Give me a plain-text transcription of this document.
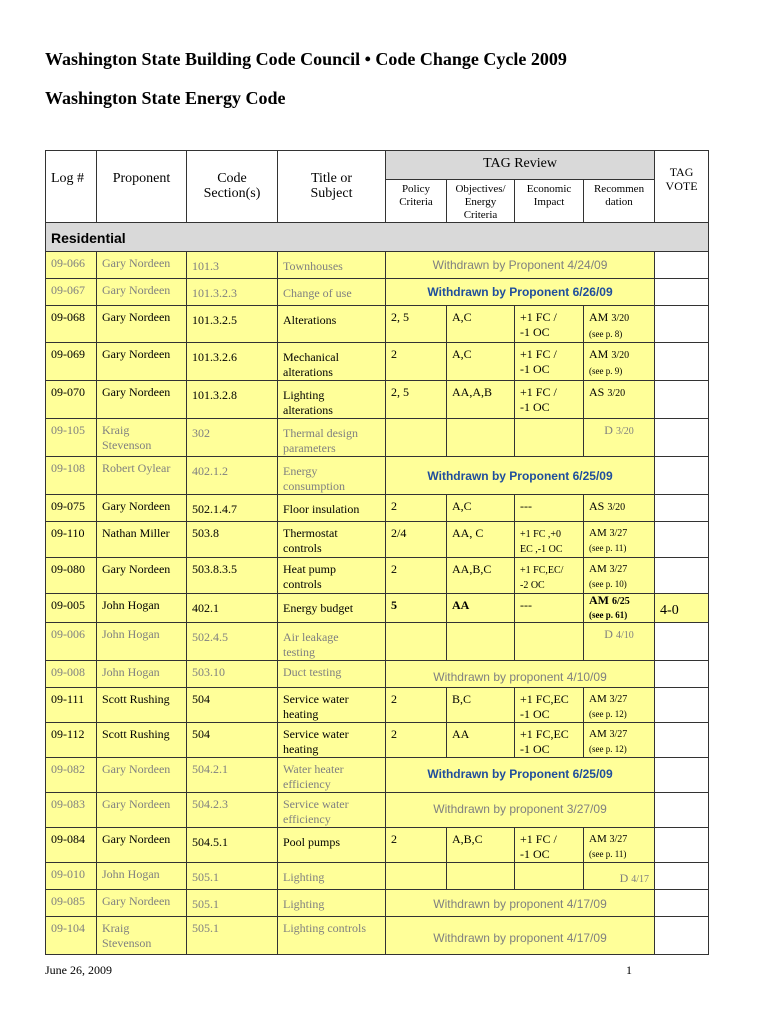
Washington State Building Code Council • Code Change Cycle 2009
Washington State Energy Code
Log #	Proponent	Code
Section(s)	Title or
Subject	TAG Review				TAG
VOTE
				Policy
Criteria	Objectives/
Energy
Criteria	Economic
Impact	Recommen
dation	
Residential								
09-066	Gary Nordeen	101.3	Townhouses	Withdrawn by Proponent 4/24/09				
09-067	Gary Nordeen	101.3.2.3	Change of use	Withdrawn by Proponent 6/26/09				
09-068	Gary Nordeen	101.3.2.5	Alterations	2, 5	A,C	+1 FC /
-1 OC	AM 3/20
(see p. 8)	
09-069	Gary Nordeen	101.3.2.6	Mechanical
alterations	2	A,C	+1 FC /
-1 OC	AM 3/20
(see p. 9)	
09-070	Gary Nordeen	101.3.2.8	Lighting
alterations	2, 5	AA,A,B	+1 FC /
-1 OC	AS 3/20	
09-105	Kraig
Stevenson	302	Thermal design
parameters				D 3/20	
09-108	Robert Oylear	402.1.2	Energy
consumption	Withdrawn by Proponent 6/25/09				
09-075	Gary Nordeen	502.1.4.7	Floor insulation	2	A,C	---	AS 3/20	
09-110	Nathan Miller	503.8	Thermostat
controls	2/4	AA, C	+1 FC ,+0
EC ,-1 OC	AM 3/27
(see p. 11)	
09-080	Gary Nordeen	503.8.3.5	Heat pump
controls	2	AA,B,C	+1 FC,EC/
-2 OC	AM 3/27
(see p. 10)	
09-005	John Hogan	402.1	Energy budget	5	AA	---	AM 6/25
(see p. 61)	4-0
09-006	John Hogan	502.4.5	Air leakage
testing				D 4/10	
09-008	John Hogan	503.10	Duct testing	Withdrawn by proponent 4/10/09				
09-111	Scott Rushing	504	Service water
heating	2	B,C	+1 FC,EC
-1 OC	AM 3/27
(see p. 12)	
09-112	Scott Rushing	504	Service water
heating	2	AA	+1 FC,EC
-1 OC	AM 3/27
(see p. 12)	
09-082	Gary Nordeen	504.2.1	Water heater
efficiency	Withdrawn by Proponent 6/25/09				
09-083	Gary Nordeen	504.2.3	Service water
efficiency	Withdrawn by proponent 3/27/09				
09-084	Gary Nordeen	504.5.1	Pool pumps	2	A,B,C	+1 FC /
-1 OC	AM 3/27
(see p. 11)	
09-010	John Hogan	505.1	Lighting				D 4/17	
09-085	Gary Nordeen	505.1	Lighting	Withdrawn by proponent 4/17/09				
09-104	Kraig
Stevenson	505.1	Lighting controls	Withdrawn by proponent 4/17/09				
June 26, 2009	1
